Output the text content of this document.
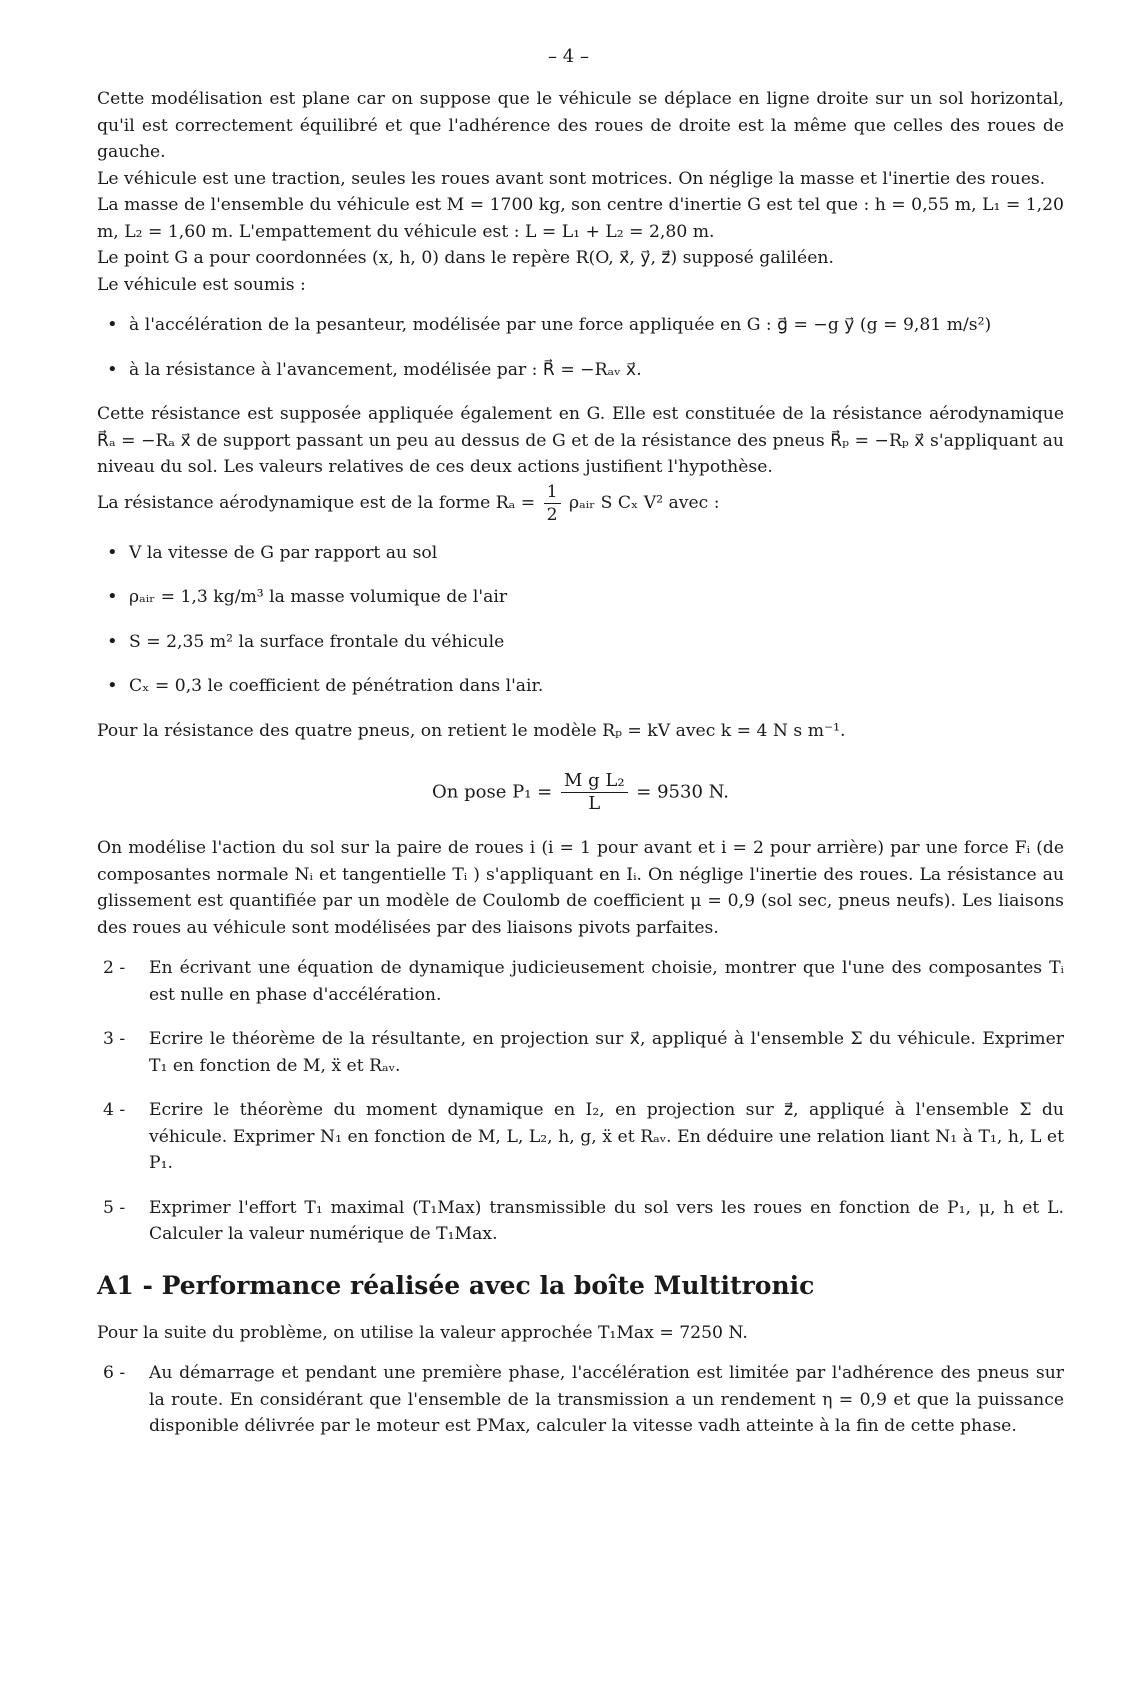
– 4 –

Cette modélisation est plane car on suppose que le véhicule se déplace en ligne droite sur un sol horizontal, qu'il est correctement équilibré et que l'adhérence des roues de droite est la même que celles des roues de gauche.

Le véhicule est une traction, seules les roues avant sont motrices. On néglige la masse et l'inertie des roues.

La masse de l'ensemble du véhicule est M = 1700 kg, son centre d'inertie G est tel que : h = 0,55 m, L₁ = 1,20 m, L₂ = 1,60 m. L'empattement du véhicule est : L = L₁ + L₂ = 2,80 m.

Le point G a pour coordonnées (x, h, 0) dans le repère R(O, x⃗, y⃗, z⃗) supposé galiléen.

Le véhicule est soumis :

• à l'accélération de la pesanteur, modélisée par une force appliquée en G : g⃗ = −g y⃗ (g = 9,81 m/s²)
• à la résistance à l'avancement, modélisée par : R⃗ = −Rₐᵥ x⃗.

Cette résistance est supposée appliquée également en G. Elle est constituée de la résistance aérodynamique R⃗ₐ = −Rₐ x⃗ de support passant un peu au dessus de G et de la résistance des pneus R⃗ₚ = −Rₚ x⃗ s'appliquant au niveau du sol. Les valeurs relatives de ces deux actions justifient l'hypothèse.

La résistance aérodynamique est de la forme $R_a = \frac{1}{2}$ ρₐᵢᵣ S Cₓ V² avec :

• V la vitesse de G par rapport au sol
• ρₐᵢᵣ = 1,3 kg/m³ la masse volumique de l'air
• S = 2,35 m² la surface frontale du véhicule
• Cₓ = 0,3 le coefficient de pénétration dans l'air.

Pour la résistance des quatre pneus, on retient le modèle Rₚ = kV avec k = 4 N s m⁻¹.

On pose $P_1 = \frac{\text{M g L₂}}{L} = 9530$ N.

On modélise l'action du sol sur la paire de roues i (i = 1 pour avant et i = 2 pour arrière) par une force Fᵢ (de composantes normale Nᵢ et tangentielle Tᵢ ) s'appliquant en Iᵢ. On néglige l'inertie des roues. La résistance au glissement est quantifiée par un modèle de Coulomb de coefficient μ = 0,9 (sol sec, pneus neufs). Les liaisons des roues au véhicule sont modélisées par des liaisons pivots parfaites.

2 -	En écrivant une équation de dynamique judicieusement choisie, montrer que l'une des composantes Tᵢ est nulle en phase d'accélération.
3 -	Ecrire le théorème de la résultante, en projection sur x⃗, appliqué à l'ensemble Σ du véhicule. Exprimer T₁ en fonction de M, ẍ et Rₐᵥ.
4 -	Ecrire le théorème du moment dynamique en I₂, en projection sur z⃗, appliqué à l'ensemble Σ du véhicule. Exprimer N₁ en fonction de M, L, L₂, h, g, ẍ et Rₐᵥ. En déduire une relation liant N₁ à T₁, h, L et P₁.
5 -	Exprimer l'effort T₁ maximal (T₁Max) transmissible du sol vers les roues en fonction de P₁, μ, h et L. Calculer la valeur numérique de T₁Max.
A1 - Performance réalisée avec la boîte Multitronic

Pour la suite du problème, on utilise la valeur approchée T₁Max = 7250 N.

6 -	Au démarrage et pendant une première phase, l'accélération est limitée par l'adhérence des pneus sur la route. En considérant que l'ensemble de la transmission a un rendement η = 0,9 et que la puissance disponible délivrée par le moteur est PMax, calculer la vitesse vadh atteinte à la fin de cette phase.
